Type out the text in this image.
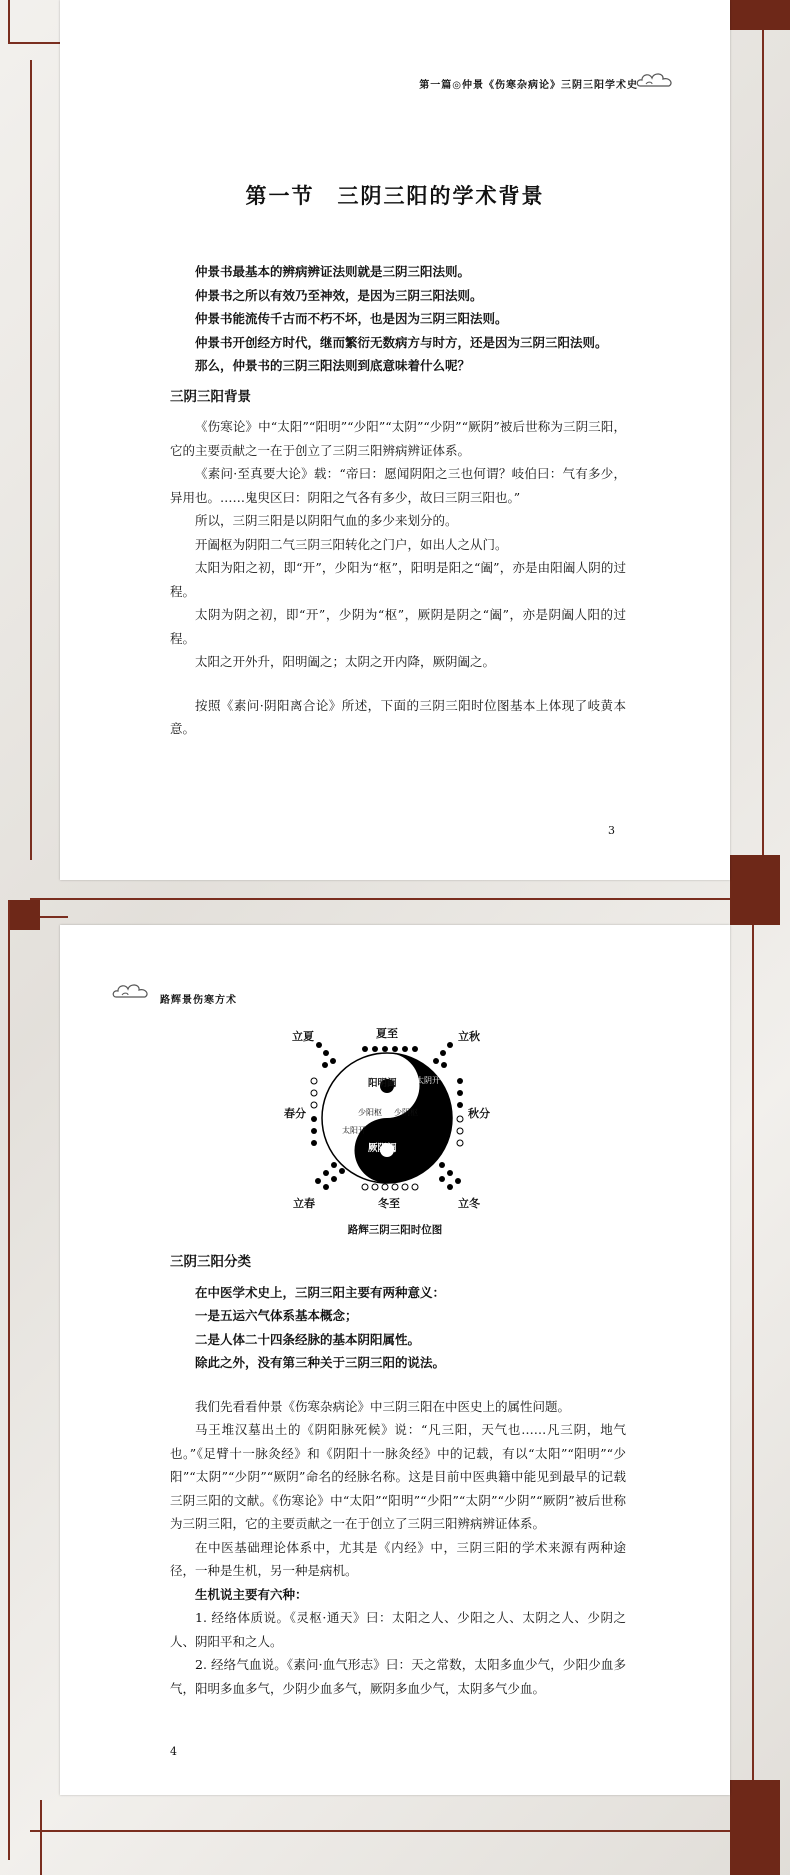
第一篇◎仲景《伤寒杂病论》三阴三阳学术史
第一节　三阴三阳的学术背景

仲景书最基本的辨病辨证法则就是三阴三阳法则。

仲景书之所以有效乃至神效，是因为三阴三阳法则。

仲景书能流传千古而不朽不坏，也是因为三阴三阳法则。

仲景书开创经方时代，继而繁衍无数病方与时方，还是因为三阴三阳法则。

那么，仲景书的三阴三阳法则到底意味着什么呢？

三阴三阳背景

《伤寒论》中“太阳”“阳明”“少阳”“太阴”“少阴”“厥阴”被后世称为三阴三阳，它的主要贡献之一在于创立了三阴三阳辨病辨证体系。

《素问·至真要大论》载：“帝曰：愿闻阴阳之三也何谓？岐伯曰：气有多少，异用也。……鬼臾区曰：阴阳之气各有多少，故曰三阴三阳也。”

所以，三阴三阳是以阴阳气血的多少来划分的。

开阖枢为阴阳二气三阴三阳转化之门户，如出人之从门。

太阳为阳之初，即“开”，少阳为“枢”，阳明是阳之“阖”，亦是由阳阖人阴的过程。

太阴为阴之初，即“开”，少阴为“枢”，厥阴是阴之“阖”，亦是阴阖人阳的过程。

太阳之开外升，阳明阖之；太阴之开内降，厥阴阖之。

按照《素问·阴阳离合论》所述，下面的三阴三阳时位图基本上体现了岐黄本意。

3
路辉景伤寒方术
立夏	夏至	立秋
春分	秋分
立春	冬至	立冬
阳明阖
厥阴阖
少阳枢 少阴枢
太阳开
太阴开
路辉三阴三阳时位图
三阴三阳分类

在中医学术史上，三阴三阳主要有两种意义：

一是五运六气体系基本概念；

二是人体二十四条经脉的基本阴阳属性。

除此之外，没有第三种关于三阴三阳的说法。

我们先看看仲景《伤寒杂病论》中三阴三阳在中医史上的属性问题。

马王堆汉墓出土的《阴阳脉死候》说：“凡三阳，天气也……凡三阴，地气也。”《足臂十一脉灸经》和《阴阳十一脉灸经》中的记载，有以“太阳”“阳明”“少阳”“太阴”“少阴”“厥阴”命名的经脉名称。这是目前中医典籍中能见到最早的记载三阴三阳的文献。《伤寒论》中“太阳”“阳明”“少阳”“太阴”“少阴”“厥阴”被后世称为三阴三阳，它的主要贡献之一在于创立了三阴三阳辨病辨证体系。

在中医基础理论体系中，尤其是《内经》中，三阴三阳的学术来源有两种途径，一种是生机，另一种是病机。

生机说主要有六种：

1. 经络体质说。《灵枢·通天》曰：太阳之人、少阳之人、太阴之人、少阴之人、阴阳平和之人。

2. 经络气血说。《素问·血气形志》曰：天之常数，太阳多血少气，少阳少血多气，阳明多血多气，少阴少血多气，厥阴多血少气，太阴多气少血。

4
